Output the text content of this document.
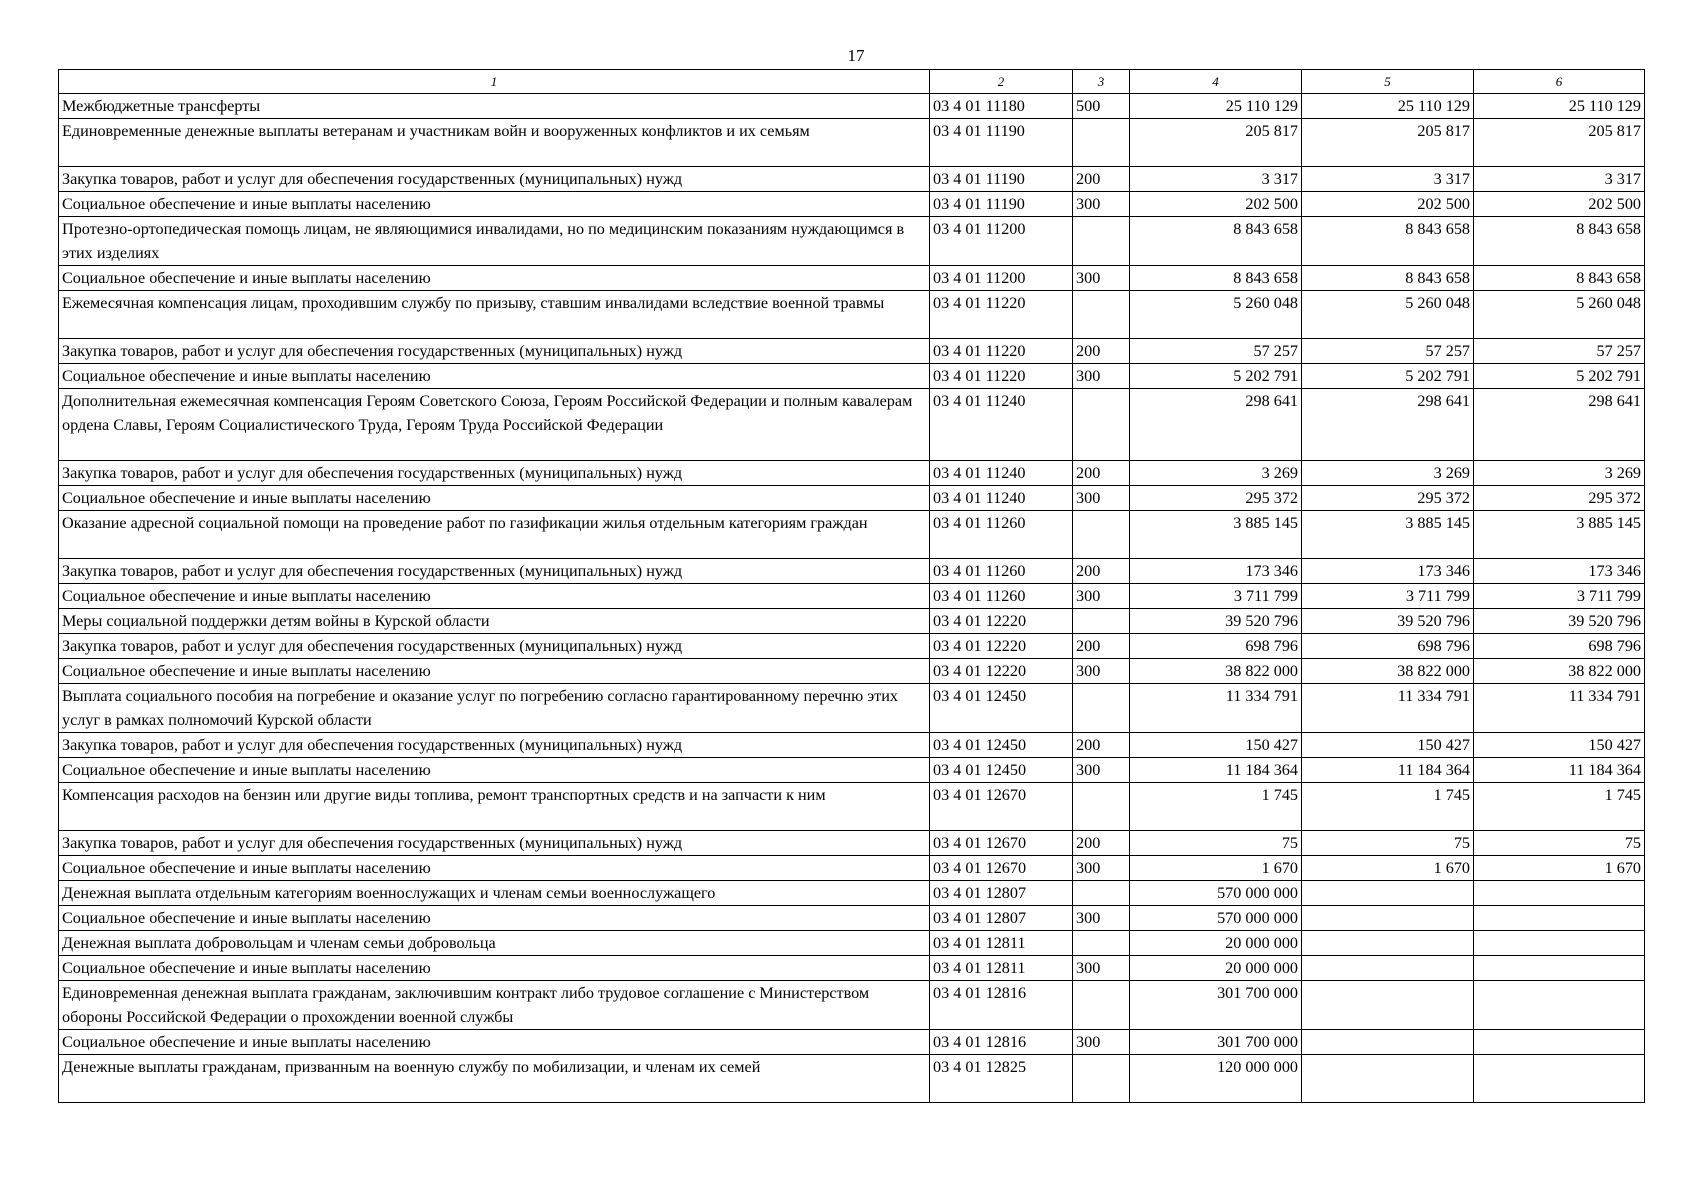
17
1	2	3	4	5	6
Межбюджетные трансферты	03 4 01 11180	500	25 110 129	25 110 129	25 110 129
Единовременные денежные выплаты ветеранам и участникам войн и вооруженных конфликтов и их семьям	03 4 01 11190		205 817	205 817	205 817
Закупка товаров, работ и услуг для обеспечения государственных (муниципальных) нужд	03 4 01 11190	200	3 317	3 317	3 317
Социальное обеспечение и иные выплаты населению	03 4 01 11190	300	202 500	202 500	202 500
Протезно-ортопедическая помощь лицам, не являющимися инвалидами, но по медицинским показаниям нуждающимся в этих изделиях	03 4 01 11200		8 843 658	8 843 658	8 843 658
Социальное обеспечение и иные выплаты населению	03 4 01 11200	300	8 843 658	8 843 658	8 843 658
Ежемесячная компенсация лицам, проходившим службу по призыву, ставшим инвалидами вследствие военной травмы	03 4 01 11220		5 260 048	5 260 048	5 260 048
Закупка товаров, работ и услуг для обеспечения государственных (муниципальных) нужд	03 4 01 11220	200	57 257	57 257	57 257
Социальное обеспечение и иные выплаты населению	03 4 01 11220	300	5 202 791	5 202 791	5 202 791
Дополнительная ежемесячная компенсация Героям Советского Союза, Героям Российской Федерации и полным кавалерам ордена Славы, Героям Социалистического Труда, Героям Труда Российской Федерации	03 4 01 11240		298 641	298 641	298 641
Закупка товаров, работ и услуг для обеспечения государственных (муниципальных) нужд	03 4 01 11240	200	3 269	3 269	3 269
Социальное обеспечение и иные выплаты населению	03 4 01 11240	300	295 372	295 372	295 372
Оказание адресной социальной помощи на проведение работ по газификации жилья отдельным категориям граждан	03 4 01 11260		3 885 145	3 885 145	3 885 145
Закупка товаров, работ и услуг для обеспечения государственных (муниципальных) нужд	03 4 01 11260	200	173 346	173 346	173 346
Социальное обеспечение и иные выплаты населению	03 4 01 11260	300	3 711 799	3 711 799	3 711 799
Меры социальной поддержки детям войны в Курской области	03 4 01 12220		39 520 796	39 520 796	39 520 796
Закупка товаров, работ и услуг для обеспечения государственных (муниципальных) нужд	03 4 01 12220	200	698 796	698 796	698 796
Социальное обеспечение и иные выплаты населению	03 4 01 12220	300	38 822 000	38 822 000	38 822 000
Выплата социального пособия на погребение и оказание услуг по погребению согласно гарантированному перечню этих услуг в рамках полномочий Курской области	03 4 01 12450		11 334 791	11 334 791	11 334 791
Закупка товаров, работ и услуг для обеспечения государственных (муниципальных) нужд	03 4 01 12450	200	150 427	150 427	150 427
Социальное обеспечение и иные выплаты населению	03 4 01 12450	300	11 184 364	11 184 364	11 184 364
Компенсация расходов на бензин или другие виды топлива, ремонт транспортных средств и на запчасти к ним	03 4 01 12670		1 745	1 745	1 745
Закупка товаров, работ и услуг для обеспечения государственных (муниципальных) нужд	03 4 01 12670	200	75	75	75
Социальное обеспечение и иные выплаты населению	03 4 01 12670	300	1 670	1 670	1 670
Денежная выплата отдельным категориям военнослужащих и членам семьи военнослужащего	03 4 01 12807		570 000 000		
Социальное обеспечение и иные выплаты населению	03 4 01 12807	300	570 000 000		
Денежная выплата добровольцам и членам семьи добровольца	03 4 01 12811		20 000 000		
Социальное обеспечение и иные выплаты населению	03 4 01 12811	300	20 000 000		
Единовременная денежная выплата гражданам, заключившим контракт либо трудовое соглашение с Министерством обороны Российской Федерации о прохождении военной службы	03 4 01 12816		301 700 000		
Социальное обеспечение и иные выплаты населению	03 4 01 12816	300	301 700 000		
Денежные выплаты гражданам, призванным на военную службу по мобилизации, и членам их семей	03 4 01 12825		120 000 000		
